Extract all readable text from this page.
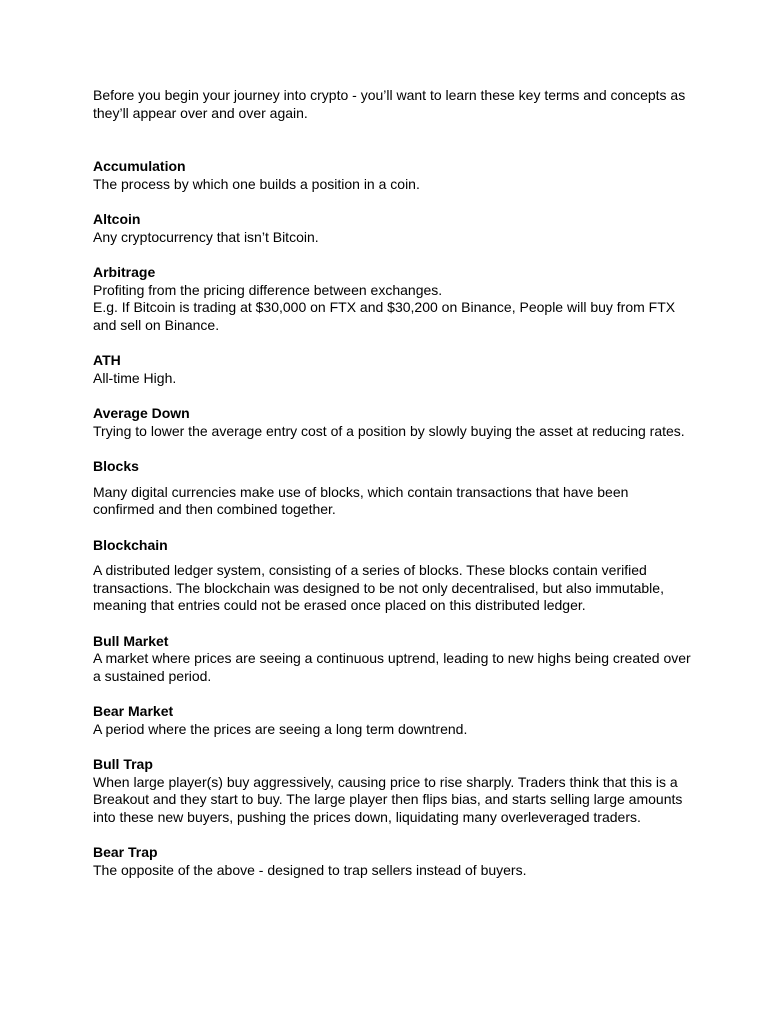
Before you begin your journey into crypto - you’ll want to learn these key terms and concepts as they’ll appear over and over again.

Accumulation

The process by which one builds a position in a coin.

Altcoin

Any cryptocurrency that isn’t Bitcoin.

Arbitrage

Profiting from the pricing difference between exchanges.

E.g. If Bitcoin is trading at $30,000 on FTX and $30,200 on Binance, People will buy from FTX and sell on Binance.

ATH

All-time High.

Average Down

Trying to lower the average entry cost of a position by slowly buying the asset at reducing rates.

Blocks

Many digital currencies make use of blocks, which contain transactions that have been confirmed and then combined together.

Blockchain

A distributed ledger system, consisting of a series of blocks. These blocks contain verified transactions. The blockchain was designed to be not only decentralised, but also immutable, meaning that entries could not be erased once placed on this distributed ledger.

Bull Market

A market where prices are seeing a continuous uptrend, leading to new highs being created over a sustained period.

Bear Market

A period where the prices are seeing a long term downtrend.

Bull Trap

When large player(s) buy aggressively, causing price to rise sharply. Traders think that this is a Breakout and they start to buy. The large player then flips bias, and starts selling large amounts into these new buyers, pushing the prices down, liquidating many overleveraged traders.

Bear Trap

The opposite of the above - designed to trap sellers instead of buyers.
